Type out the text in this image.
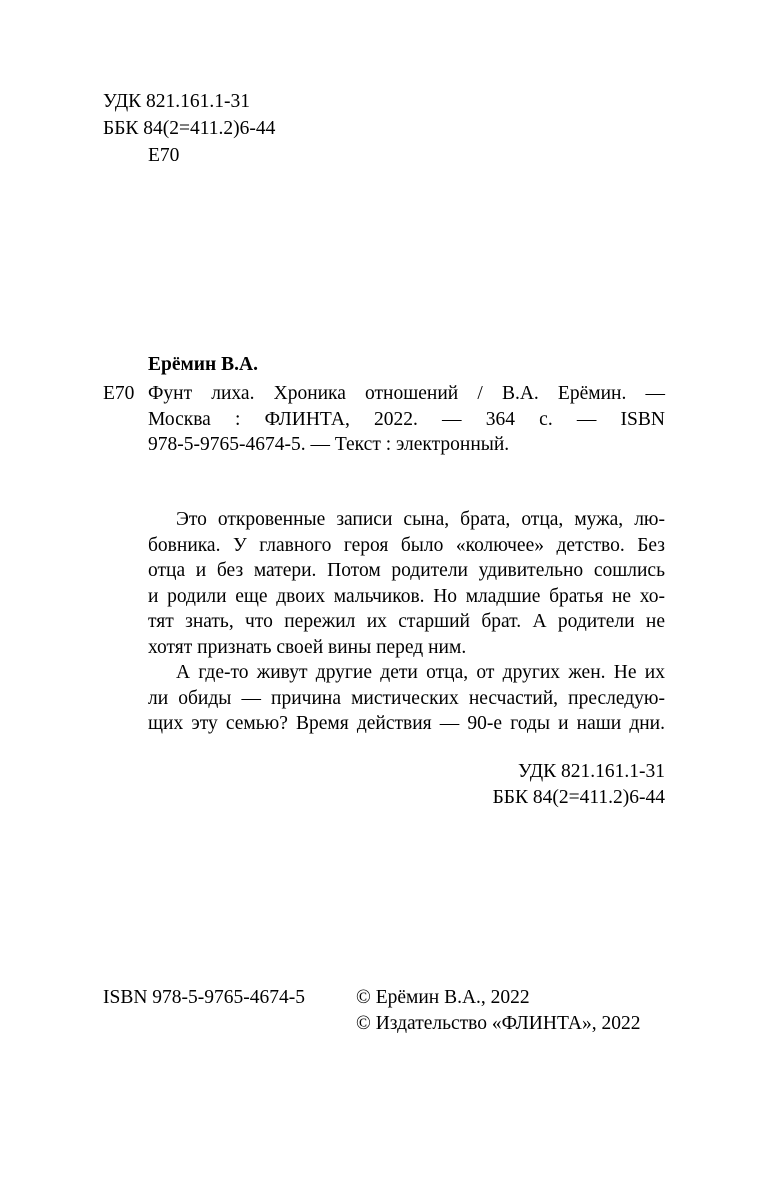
УДК 821.161.1-31
ББК 84(2=411.2)6-44
Е70
Ерёмин В.А.
Е70 Фунт лиха. Хроника отношений / В.А. Ерёмин. —
Москва : ФЛИНТА, 2022. — 364 с. — ISBN
978-5-9765-4674-5. — Текст : электронный.
Это откровенные записи сына, брата, отца, мужа, лю-
бовника. У главного героя было «колючее» детство. Без
отца и без матери. Потом родители удивительно сошлись
и родили еще двоих мальчиков. Но младшие братья не хо-
тят знать, что пережил их старший брат. А родители не
хотят признать своей вины перед ним.
А где-то живут другие дети отца, от других жен. Не их
ли обиды — причина мистических несчастий, преследую-
щих эту семью? Время действия — 90-е годы и наши дни.
УДК 821.161.1-31
ББК 84(2=411.2)6-44
ISBN 978-5-9765-4674-5	© Ерёмин В.А., 2022
© Издательство «ФЛИНТА», 2022
